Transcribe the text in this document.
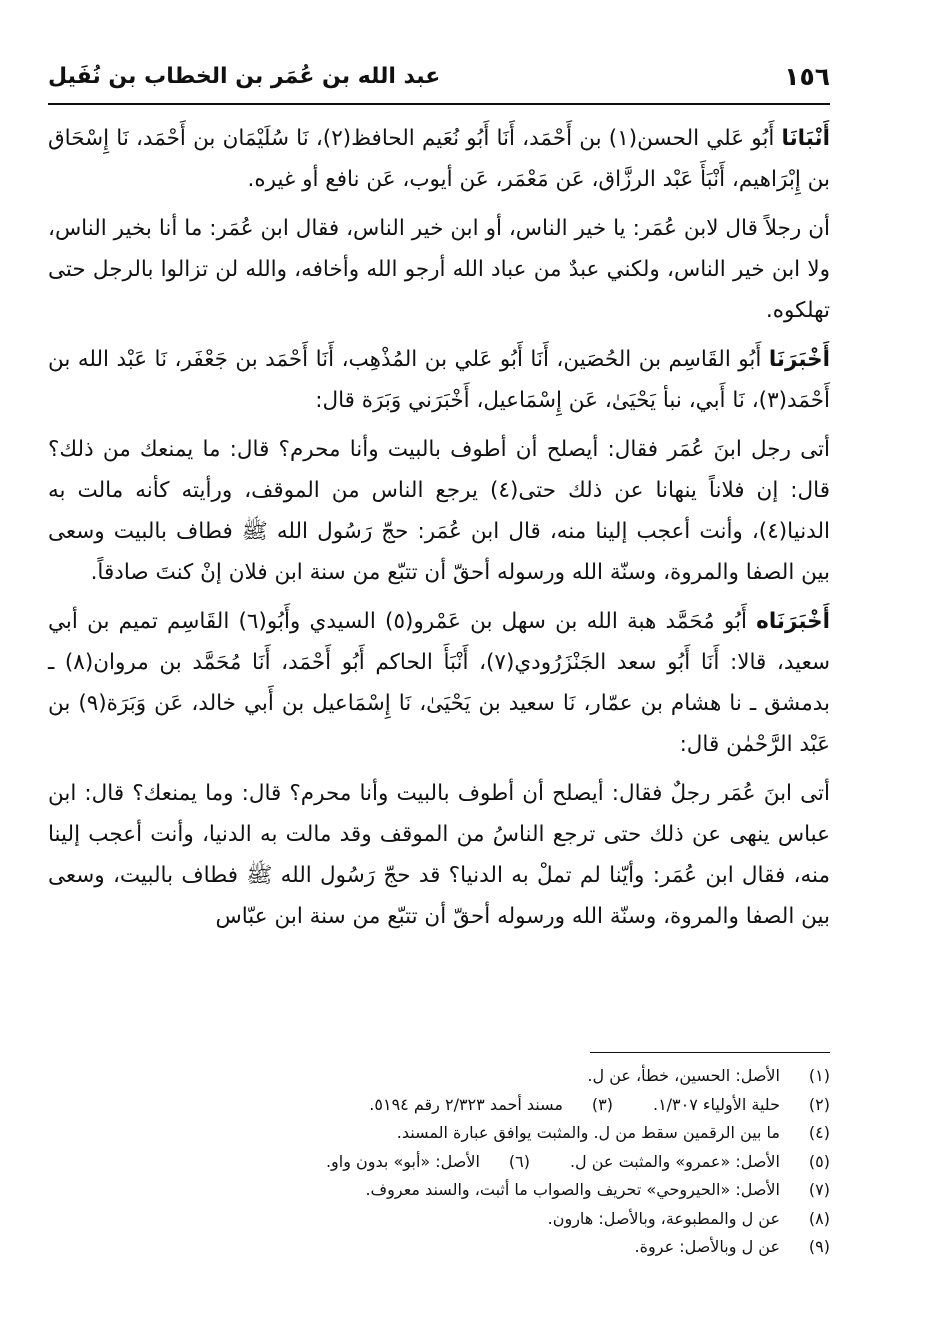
١٥٦
عبد الله بن عُمَر بن الخطاب بن نُفَيل

أَنْبَانَا أَبُو عَلي الحسن(١) بن أَحْمَد، أَنَا أَبُو نُعَيم الحافظ(٢)، نَا سُلَيْمَان بن أَحْمَد، نَا إِسْحَاق بن إِبْرَاهيم، أَنْبَأَ عَبْد الرزَّاق، عَن مَعْمَر، عَن أيوب، عَن نافع أو غيره.

أن رجلاً قال لابن عُمَر: يا خير الناس، أو ابن خير الناس، فقال ابن عُمَر: ما أنا بخير الناس، ولا ابن خير الناس، ولكني عبدٌ من عباد الله أرجو الله وأخافه، والله لن تزالوا بالرجل حتى تهلكوه.

أَخْبَرَنَا أَبُو القَاسِم بن الحُصَين، أَنَا أَبُو عَلي بن المُذْهِب، أَنَا أَحْمَد بن جَعْفَر، نَا عَبْد الله بن أَحْمَد(٣)، نَا أَبي، نبأ يَحْيَىٰ، عَن إِسْمَاعيل، أَخْبَرَني وَبَرَة قال:

أتى رجل ابنَ عُمَر فقال: أيصلح أن أطوف بالبيت وأنا محرم؟ قال: ما يمنعك من ذلك؟ قال: إن فلاناً ينهانا عن ذلك حتى(٤) يرجع الناس من الموقف، ورأيته كأنه مالت به الدنيا(٤)، وأنت أعجب إلينا منه، قال ابن عُمَر: حجّ رَسُول الله ﷺ فطاف بالبيت وسعى بين الصفا والمروة، وسنّة الله ورسوله أحقّ أن تتبّع من سنة ابن فلان إنْ كنتَ صادقاً.

أَخْبَرَنَاه أَبُو مُحَمَّد هبة الله بن سهل بن عَمْرو(٥) السيدي وأَبُو(٦) القَاسِم تميم بن أبي سعيد، قالا: أَنَا أَبُو سعد الجَنْزَرُودي(٧)، أَنْبَأَ الحاكم أَبُو أَحْمَد، أَنَا مُحَمَّد بن مروان(٨) ـ بدمشق ـ نا هشام بن عمّار، نَا سعيد بن يَحْيَىٰ، نَا إِسْمَاعيل بن أَبي خالد، عَن وَبَرَة(٩) بن عَبْد الرَّحْمٰن قال:

أتى ابنَ عُمَر رجلٌ فقال: أيصلح أن أطوف بالبيت وأنا محرم؟ قال: وما يمنعك؟ قال: ابن عباس ينهى عن ذلك حتى ترجع الناسُ من الموقف وقد مالت به الدنيا، وأنت أعجب إلينا منه، فقال ابن عُمَر: وأيّنا لم تملْ به الدنيا؟ قد حجّ رَسُول الله ﷺ فطاف بالبيت، وسعى بين الصفا والمروة، وسنّة الله ورسوله أحقّ أن تتبّع من سنة ابن عبّاس

(١)
الأصل: الحسين، خطأ، عن ل.
(٢)
حلية الأولياء ١/٣٠٧.
(٣)
مسند أحمد ٢/٣٢٣ رقم ٥١٩٤.
(٤)
ما بين الرقمين سقط من ل. والمثبت يوافق عبارة المسند.
(٥)
الأصل: «عمرو» والمثبت عن ل.
(٦)
الأصل: «أبو» بدون واو.
(٧)
الأصل: «الحيروحي» تحريف والصواب ما أثبت، والسند معروف.
(٨)
عن ل والمطبوعة، وبالأصل: هارون.
(٩)
عن ل وبالأصل: عروة.
